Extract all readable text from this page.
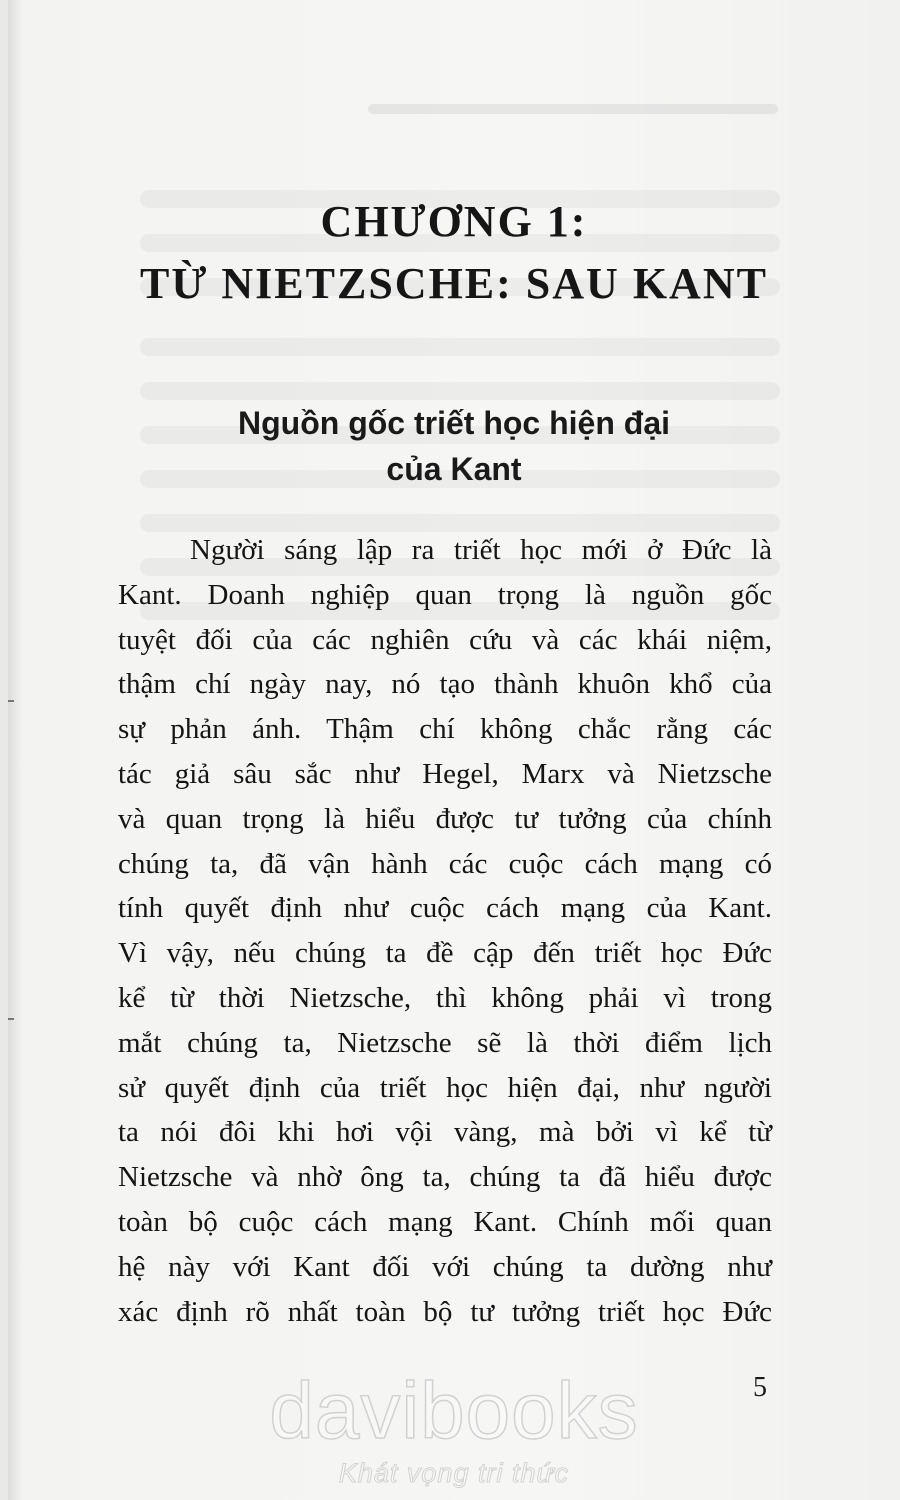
CHƯƠNG 1:
TỪ NIETZSCHE: SAU KANT
Nguồn gốc triết học hiện đại
của Kant
Người sáng lập ra triết học mới ở Đức là
Kant. Doanh nghiệp quan trọng là nguồn gốc
tuyệt đối của các nghiên cứu và các khái niệm,
thậm chí ngày nay, nó tạo thành khuôn khổ của
sự phản ánh. Thậm chí không chắc rằng các
tác giả sâu sắc như Hegel, Marx và Nietzsche
và quan trọng là hiểu được tư tưởng của chính
chúng ta, đã vận hành các cuộc cách mạng có
tính quyết định như cuộc cách mạng của Kant.
Vì vậy, nếu chúng ta đề cập đến triết học Đức
kể từ thời Nietzsche, thì không phải vì trong
mắt chúng ta, Nietzsche sẽ là thời điểm lịch
sử quyết định của triết học hiện đại, như người
ta nói đôi khi hơi vội vàng, mà bởi vì kể từ
Nietzsche và nhờ ông ta, chúng ta đã hiểu được
toàn bộ cuộc cách mạng Kant. Chính mối quan
hệ này với Kant đối với chúng ta dường như
xác định rõ nhất toàn bộ tư tưởng triết học Đức
5
davibooks
Khát vọng tri thức
